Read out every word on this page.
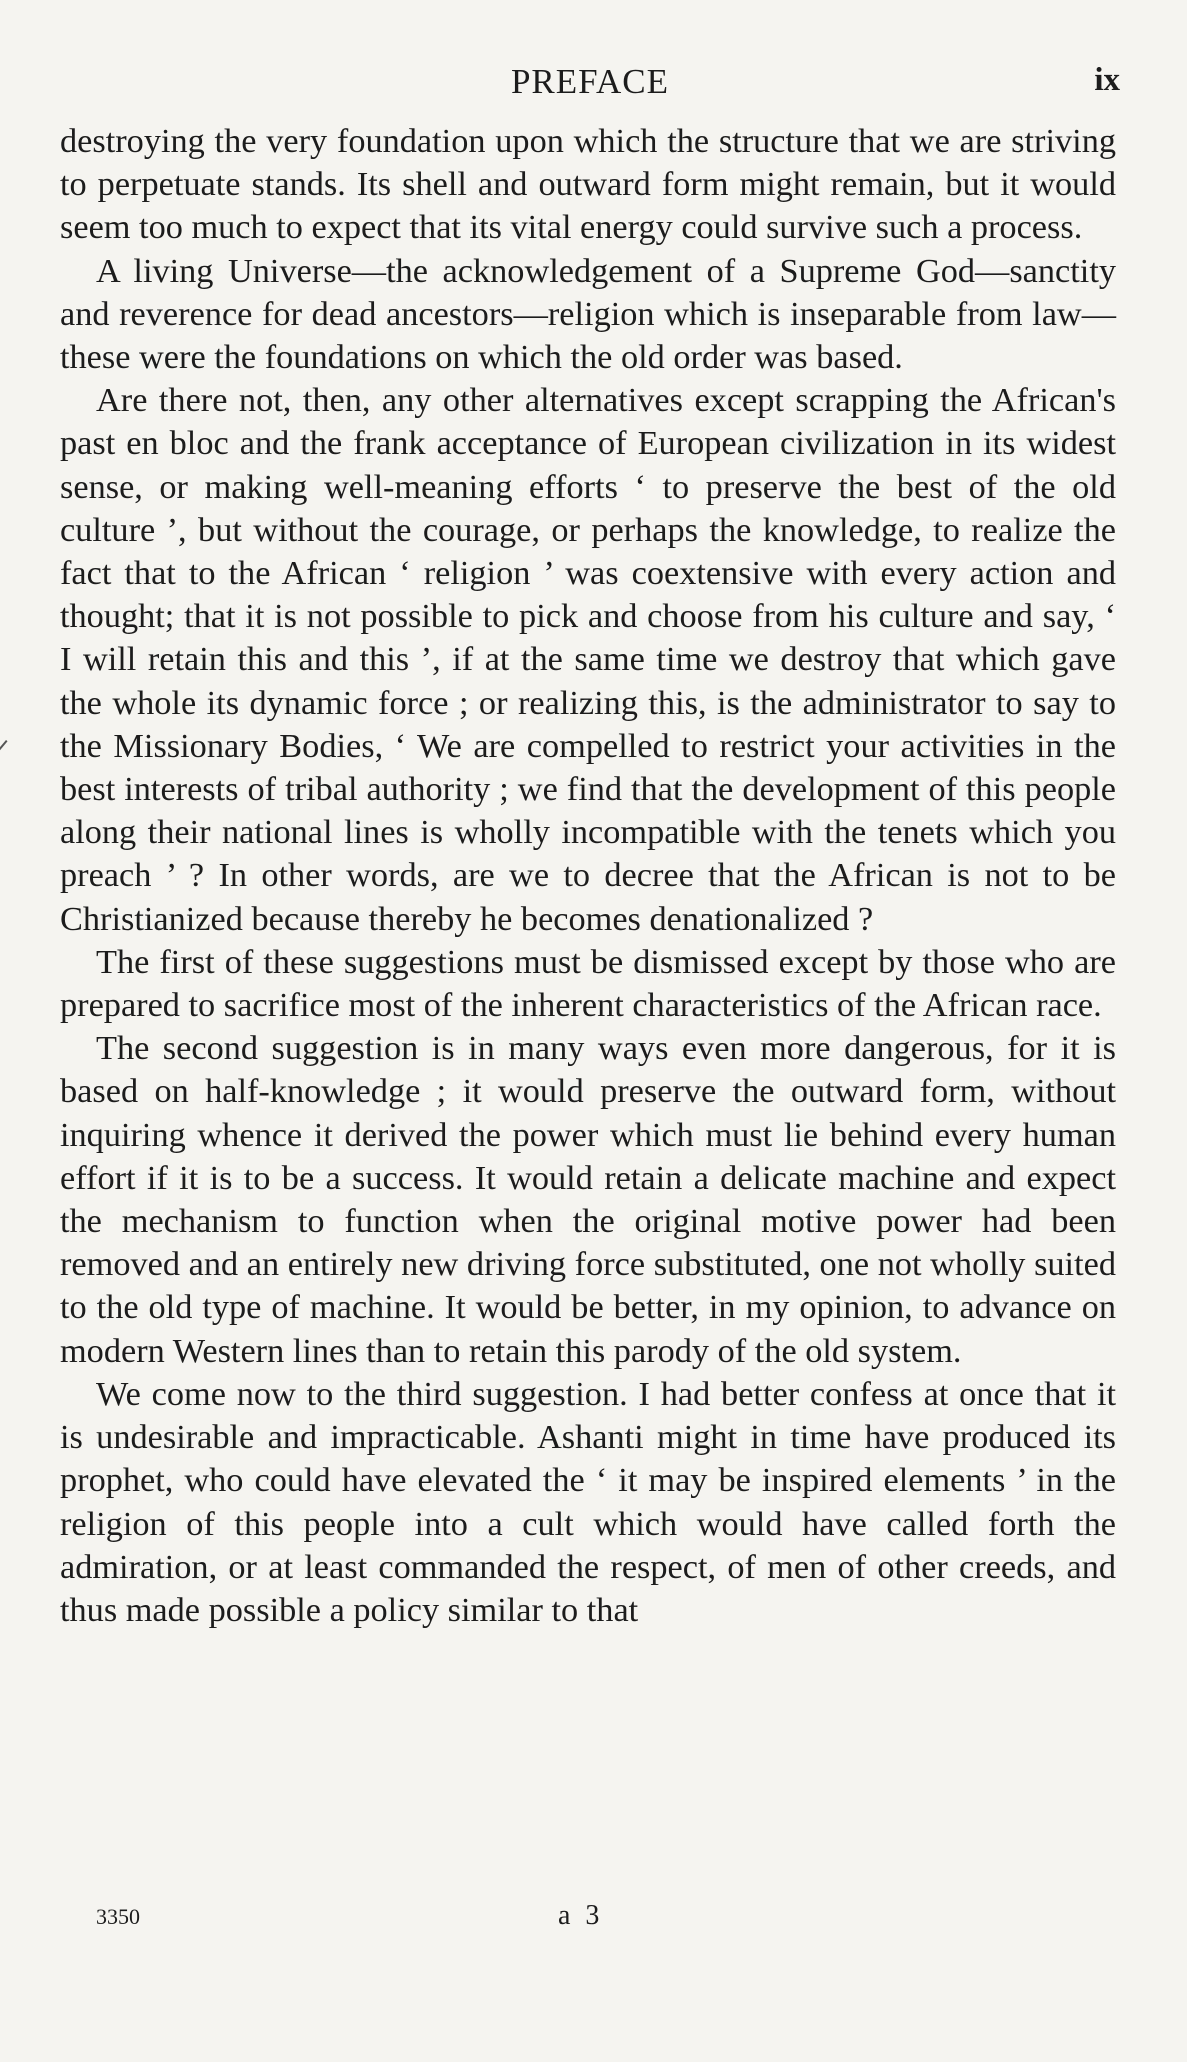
PREFACE	ix

destroying the very foundation upon which the structure that we are striving to perpetuate stands. Its shell and outward form might remain, but it would seem too much to expect that its vital energy could survive such a process.

A living Universe—the acknowledgement of a Supreme God—sanctity and reverence for dead ancestors—religion which is inseparable from law—these were the foundations on which the old order was based.

Are there not, then, any other alternatives except scrapping the African's past en bloc and the frank acceptance of European civilization in its widest sense, or making well-meaning efforts ‘ to preserve the best of the old culture ’, but without the courage, or perhaps the knowledge, to realize the fact that to the African ‘ religion ’ was coextensive with every action and thought; that it is not possible to pick and choose from his culture and say, ‘ I will retain this and this ’, if at the same time we destroy that which gave the whole its dynamic force ; or realizing this, is the administrator to say to the Missionary Bodies, ‘ We are compelled to restrict your activities in the best interests of tribal authority ; we find that the development of this people along their national lines is wholly incompatible with the tenets which you preach ’ ? In other words, are we to decree that the African is not to be Christianized because thereby he becomes denationalized ?

The first of these suggestions must be dismissed except by those who are prepared to sacrifice most of the inherent characteristics of the African race.

The second suggestion is in many ways even more dangerous, for it is based on half-knowledge ; it would preserve the outward form, without inquiring whence it derived the power which must lie behind every human effort if it is to be a success. It would retain a delicate machine and expect the mechanism to function when the original motive power had been removed and an entirely new driving force substituted, one not wholly suited to the old type of machine. It would be better, in my opinion, to advance on modern Western lines than to retain this parody of the old system.

We come now to the third suggestion. I had better confess at once that it is undesirable and impracticable. Ashanti might in time have produced its prophet, who could have elevated the ‘ it may be inspired elements ’ in the religion of this people into a cult which would have called forth the admiration, or at least commanded the respect, of men of other creeds, and thus made possible a policy similar to that

3350	a 3
